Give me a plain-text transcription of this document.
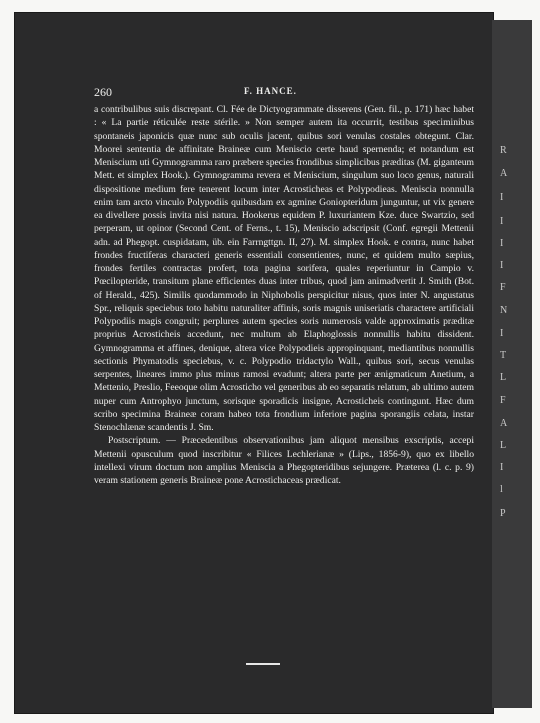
R
A
I
I
I
I
F
N
I
T
L
F
A
L
I
l
P
260	F. HANCE.

a contribulibus suis discrepant. Cl. Fée de Dictyogrammate disserens (Gen. fil., p. 171) hæc habet : « La partie réticulée reste stérile. » Non semper autem ita occurrit, testibus speciminibus spontaneis japonicis quæ nunc sub oculis jacent, quibus sori venulas costales obtegunt. Clar. Moorei sententia de affinitate Braineæ cum Meniscio certe haud spernenda; et notandum est Meniscium uti Gymnogramma raro præbere species frondibus simplicibus præditas (M. giganteum Mett. et simplex Hook.). Gymnogramma revera et Meniscium, singulum suo loco genus, naturali dispositione medium fere tenerent locum inter Acrosticheas et Polypodieas. Meniscia nonnulla enim tam arcto vinculo Polypodiis quibusdam ex agmine Goniopteridum junguntur, ut vix genere ea divellere possis invita nisi natura. Hookerus equidem P. luxuriantem Kze. duce Swartzio, sed perperam, ut opinor (Second Cent. of Ferns., t. 15), Meniscio adscripsit (Conf. egregii Mettenii adn. ad Phegopt. cuspidatam, üb. ein Farrngttgn. II, 27). M. simplex Hook. e contra, nunc habet frondes fructiferas characteri generis essentiali consentientes, nunc, et quidem multo sæpius, frondes fertiles contractas profert, tota pagina sorifera, quales reperiuntur in Campio v. Pœcilopteride, transitum plane efficientes duas inter tribus, quod jam animadvertit J. Smith (Bot. of Herald., 425). Similis quodammodo in Niphobolis perspicitur nisus, quos inter N. angustatus Spr., reliquis speciebus toto habitu naturaliter affinis, soris magnis uniseriatis charactere artificiali Polypodiis magis congruit; perplures autem species soris numerosis valde approximatis præditæ proprius Acrosticheis accedunt, nec multum ab Elaphoglossis nonnullis habitu dissident. Gymnogramma et affines, denique, altera vice Polypodieis appropinquant, mediantibus nonnullis sectionis Phymatodis speciebus, v. c. Polypodio tridactylo Wall., quibus sori, secus venulas serpentes, lineares immo plus minus ramosi evadunt; altera parte per ænigmaticum Anetium, a Mettenio, Preslio, Feeoque olim Acrosticho vel generibus ab eo separatis relatum, ab ultimo autem nuper cum Antrophyo junctum, sorisque sporadicis insigne, Acrosticheis contingunt. Hæc dum scribo specimina Braineæ coram habeo tota frondium inferiore pagina sporangiis celata, instar Stenochlænæ scandentis J. Sm.

Postscriptum. — Præcedentibus observationibus jam aliquot mensibus exscriptis, accepi Mettenii opusculum quod inscribitur « Filices Lechlerianæ » (Lips., 1856-9), quo ex libello intellexi virum doctum non amplius Meniscia a Phegopteridibus sejungere. Præterea (l. c. p. 9) veram stationem generis Braineæ pone Acrostichaceas prædicat.
